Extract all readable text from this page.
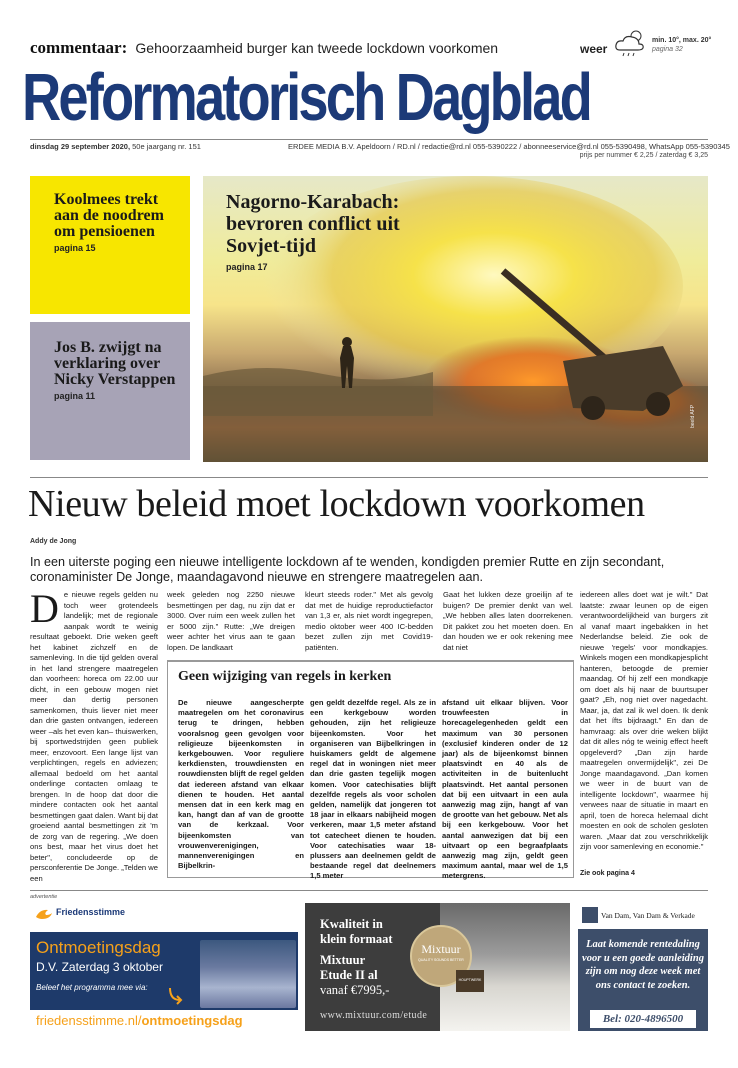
commentaar: Gehoorzaamheid burger kan tweede lockdown voorkomen	weer
min. 10°, max. 20°
pagina 32
Reformatorisch Dagblad
dinsdag 29 september 2020, 50e jaargang nr. 151	ERDEE MEDIA B.V. Apeldoorn / RD.nl / redactie@rd.nl 055-5390222 / abonneeservice@rd.nl 055-5390498, WhatsApp 055-5390345
prijs per nummer € 2,25 / zaterdag € 3,25
Koolmees trekt aan de noodrem om pensioenen
pagina 15
Jos B. zwijgt na verklaring over Nicky Verstappen
pagina 11
Nagorno-Karabach: bevroren conflict uit Sovjet-tijd
pagina 17
beeld AFP
Nieuw beleid moet lockdown voorkomen
Addy de Jong
In een uiterste poging een nieuwe intelligente lockdown af te wenden, kondigden premier Rutte en zijn secondant, coronaminister De Jonge, maandagavond nieuwe en strengere maatregelen aan.
De nieuwe regels gelden nu toch weer grotendeels landelijk; met de regionale aanpak wordt te weinig resultaat geboekt. Drie weken geeft het kabinet zichzelf en de samenleving. In die tijd gelden overal in het land strengere maatregelen dan voorheen: horeca om 22.00 uur dicht, in een gebouw mogen niet meer dan dertig personen samenkomen, thuis liever niet meer dan drie gasten ontvangen, iedereen weer –als het even kan– thuiswerken, bij sportwedstrijden geen publiek meer, enzovoort. Een lange lijst van verplichtingen, regels en adviezen; allemaal bedoeld om het aantal onderlinge contacten omlaag te brengen. In de hoop dat door die mindere contacten ook het aantal besmettingen gaat dalen. Want bij dat groeiend aantal besmettingen zit 'm de zorg van de regering. „We doen ons best, maar het virus doet het beter", concludeerde op de persconferentie De Jonge. „Telden we een
week geleden nog 2250 nieuwe besmettingen per dag, nu zijn dat er 3000. Over ruim een week zullen het er 5000 zijn." Rutte: „We dreigen weer achter het virus aan te gaan lopen. De landkaart
kleurt steeds roder." Met als gevolg dat met de huidige reproductiefactor van 1,3 er, als niet wordt ingegrepen, medio oktober weer 400 IC-bedden bezet zullen zijn met Covid19-patiënten.
Gaat het lukken deze groeilijn af te buigen? De premier denkt van wel. „We hebben alles laten doorrekenen. Dit pakket zou het moeten doen. En dan houden we er ook rekening mee dat niet
iedereen alles doet wat je wilt." Dat laatste: zwaar leunen op de eigen verantwoordelijkheid van burgers zit al vanaf maart ingebakken in het Nederlandse beleid. Zie ook de nieuwe 'regels' voor mondkapjes. Winkels mogen een mondkapjesplicht hanteren, betoogde de premier maandag. Of hij zelf een mondkapje om doet als hij naar de buurtsuper gaat? „Eh, nog niet over nagedacht. Maar, ja, dat zal ik wel doen. Ik denk dat het ífts bijdraagt." En dan de hamvraag: als over drie weken blijkt dat dit alles nóg te weinig effect heeft opgeleverd? „Dan zijn harde maatregelen onvermijdelijk", zei De Jonge maandagavond. „Dan komen we weer in de buurt van de intelligente lockdown", waarmee hij verwees naar de situatie in maart en april, toen de horeca helemaal dicht moesten en ook de scholen gesloten waren. „Maar dat zou verschrikkelijk zijn voor samenleving en economie."
Zie ook pagina 4
Geen wijziging van regels in kerken
De nieuwe aangescherpte maatregelen om het coronavirus terug te dringen, hebben vooralsnog geen gevolgen voor religieuze bijeenkomsten in kerkgebouwen. Voor reguliere kerkdiensten, trouwdiensten en rouwdiensten blijft de regel gelden dat iedereen afstand van elkaar dienen te houden. Het aantal mensen dat in een kerk mag en kan, hangt dan af van de grootte van de kerkzaal. Voor bijeenkomsten van vrouwenverenigingen, mannenverenigingen en Bijbelkrin-
gen geldt dezelfde regel. Als ze in een kerkgebouw worden gehouden, zijn het religieuze bijeenkomsten. Voor het organiseren van Bijbelkringen in huiskamers geldt de algemene regel dat in woningen niet meer dan drie gasten tegelijk mogen komen. Voor catechisaties blijft dezelfde regels als voor scholen gelden, namelijk dat jongeren tot 18 jaar in elkaars nabijheid mogen verkeren, maar 1,5 meter afstand tot catecheet dienen te houden. Voor catechisaties waar 18-plussers aan deelnemen geldt de bestaande regel dat deelnemers 1,5 meter
afstand uit elkaar blijven. Voor trouwfeesten in horecagelegenheden geldt een maximum van 30 personen (exclusief kinderen onder de 12 jaar) als de bijeenkomst binnen plaatsvindt en 40 als de activiteiten in de buitenlucht plaatsvindt. Het aantal personen dat bij een uitvaart in een aula aanwezig mag zijn, hangt af van de grootte van het gebouw. Net als bij een kerkgebouw. Voor het aantal aanwezigen dat bij een uitvaart op een begraafplaats aanwezig mag zijn, geldt geen maximum aantal, maar wel de 1,5 metergrens.
advertentie
Friedensstimme
Ontmoetingsdag
D.V. Zaterdag 3 oktober
Beleef het programma mee via:
friedensstimme.nl/ontmoetingsdag
Kwaliteit in
klein formaat
Mixtuur
Etude II al
vanaf €7995,-
Mixtuur
QUALITY SOUNDS BETTER
HOUPTWERK
www.mixtuur.com/etude
Van Dam, Van Dam & Verkade
Laat komende rentedaling voor u een goede aanleiding zijn om nog deze week met ons contact te zoeken.
Bel: 020-4896500
